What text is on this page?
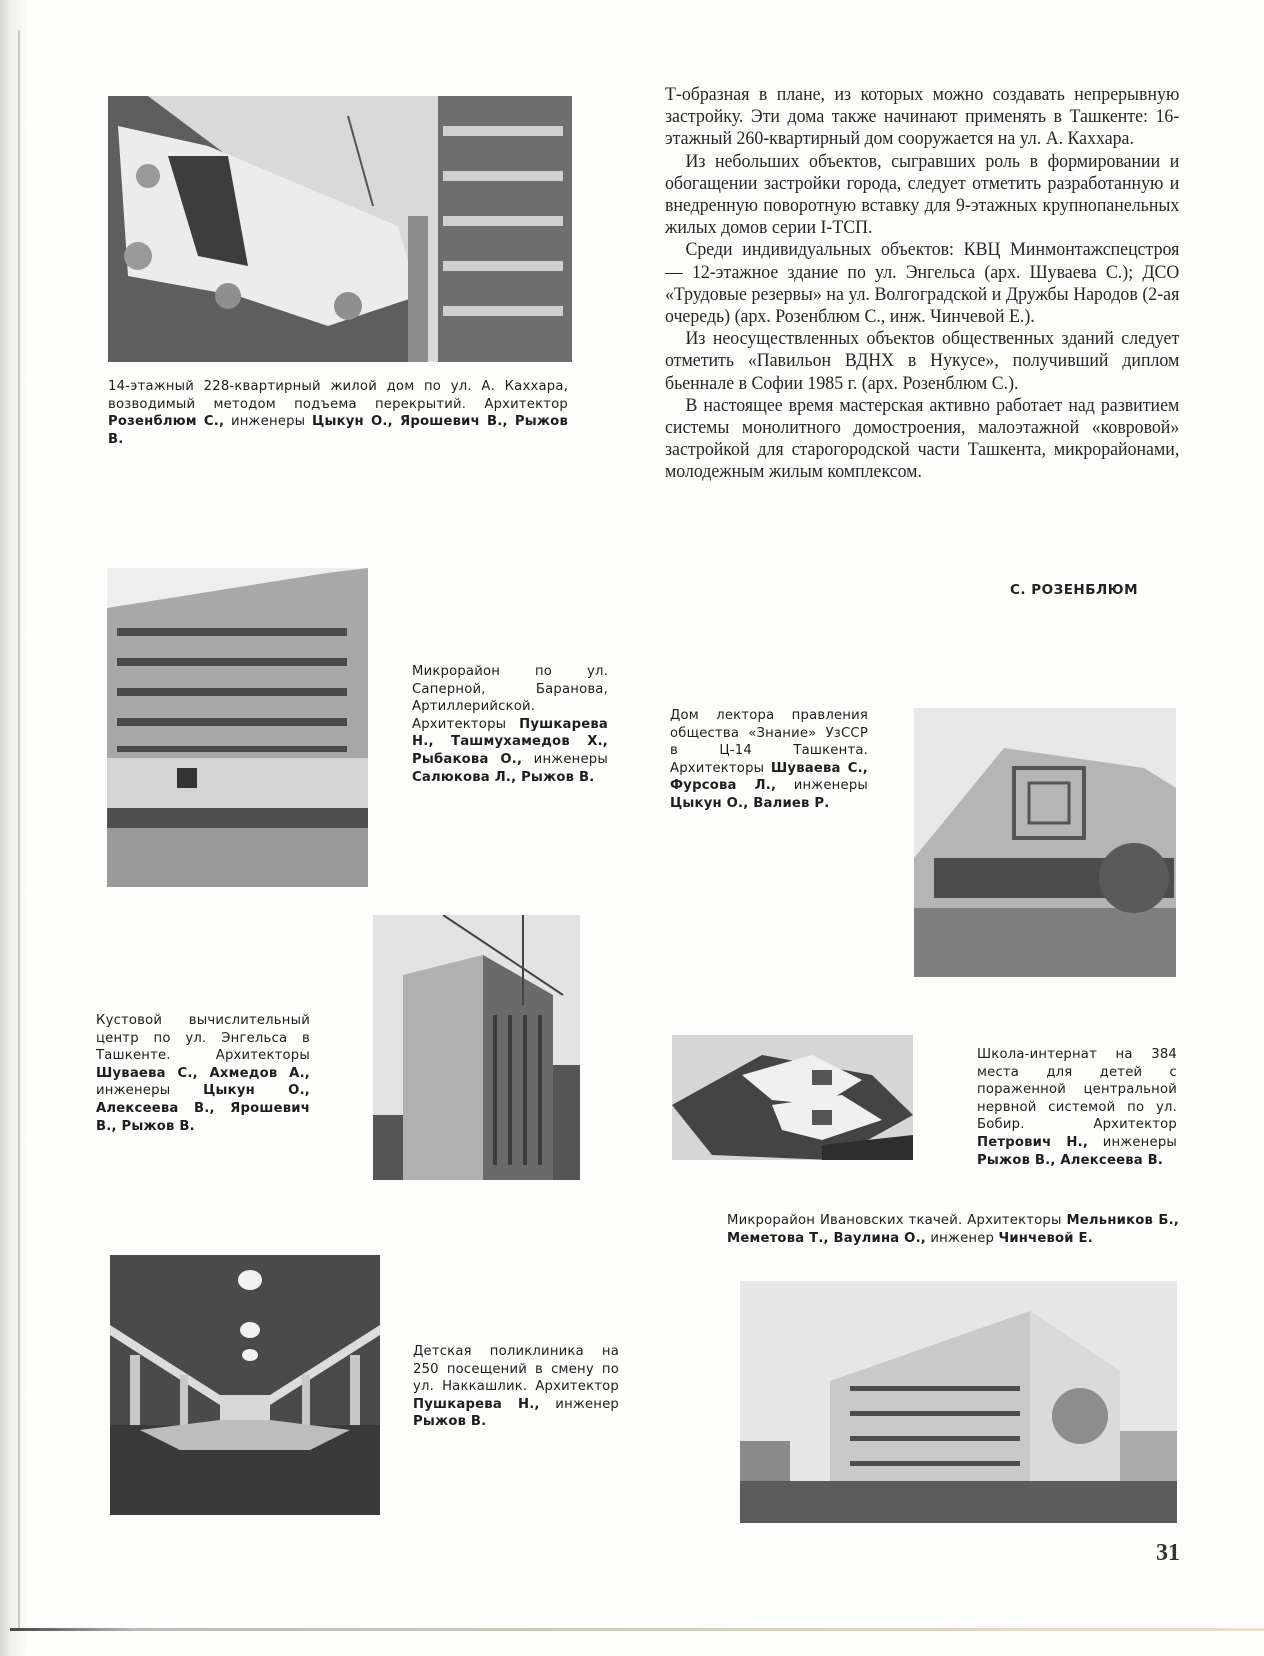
14-этажный 228-квартирный жилой дом по ул. А. Каххара, возводимый методом подъема перекрытий. Архитектор Розенблюм С., инженеры Цыкун О., Ярошевич В., Рыжов В.

Т-образная в плане, из которых можно создавать непрерывную застройку. Эти дома также начинают применять в Ташкенте: 16-этажный 260-квартирный дом сооружается на ул. А. Каххара.

Из небольших объектов, сыгравших роль в формировании и обогащении застройки города, следует отметить разработанную и внедренную поворотную вставку для 9-этажных крупнопанельных жилых домов серии I-ТСП.

Среди индивидуальных объектов: КВЦ Минмонтажспецстроя — 12-этажное здание по ул. Энгельса (арх. Шуваева С.); ДСО «Трудовые резервы» на ул. Волгоградской и Дружбы Народов (2-ая очередь) (арх. Розенблюм С., инж. Чинчевой Е.).

Из неосуществленных объектов общественных зданий следует отметить «Павильон ВДНХ в Нукусе», получивший диплом бьеннале в Софии 1985 г. (арх. Розенблюм С.).

В настоящее время мастерская активно работает над развитием системы монолитного домостроения, малоэтажной «ковровой» застройкой для старогородской части Ташкента, микрорайонами, молодежным жилым комплексом.

С. РОЗЕНБЛЮМ
Микрорайон по ул. Саперной, Баранова, Артиллерийской. Архитекторы Пушкарева Н., Ташмухамедов Х., Рыбакова О., инженеры Салюкова Л., Рыжов В.
Дом лектора правления общества «Знание» УзССР в Ц-14 Ташкента. Архитекторы Шуваева С., Фурсова Л., инженеры Цыкун О., Валиев Р.
Кустовой вычислительный центр по ул. Энгельса в Ташкенте. Архитекторы Шуваева С., Ахмедов А., инженеры Цыкун О., Алексеева В., Ярошевич В., Рыжов В.
Школа-интернат на 384 места для детей с пораженной центральной нервной системой по ул. Бобир. Архитектор Петрович Н., инженеры Рыжов В., Алексеева В.
Микрорайон Ивановских ткачей. Архитекторы Мельников Б., Меметова Т., Ваулина О., инженер Чинчевой Е.
Детская поликлиника на 250 посещений в смену по ул. Наккашлик. Архитектор Пушкарева Н., инженер Рыжов В.
31
